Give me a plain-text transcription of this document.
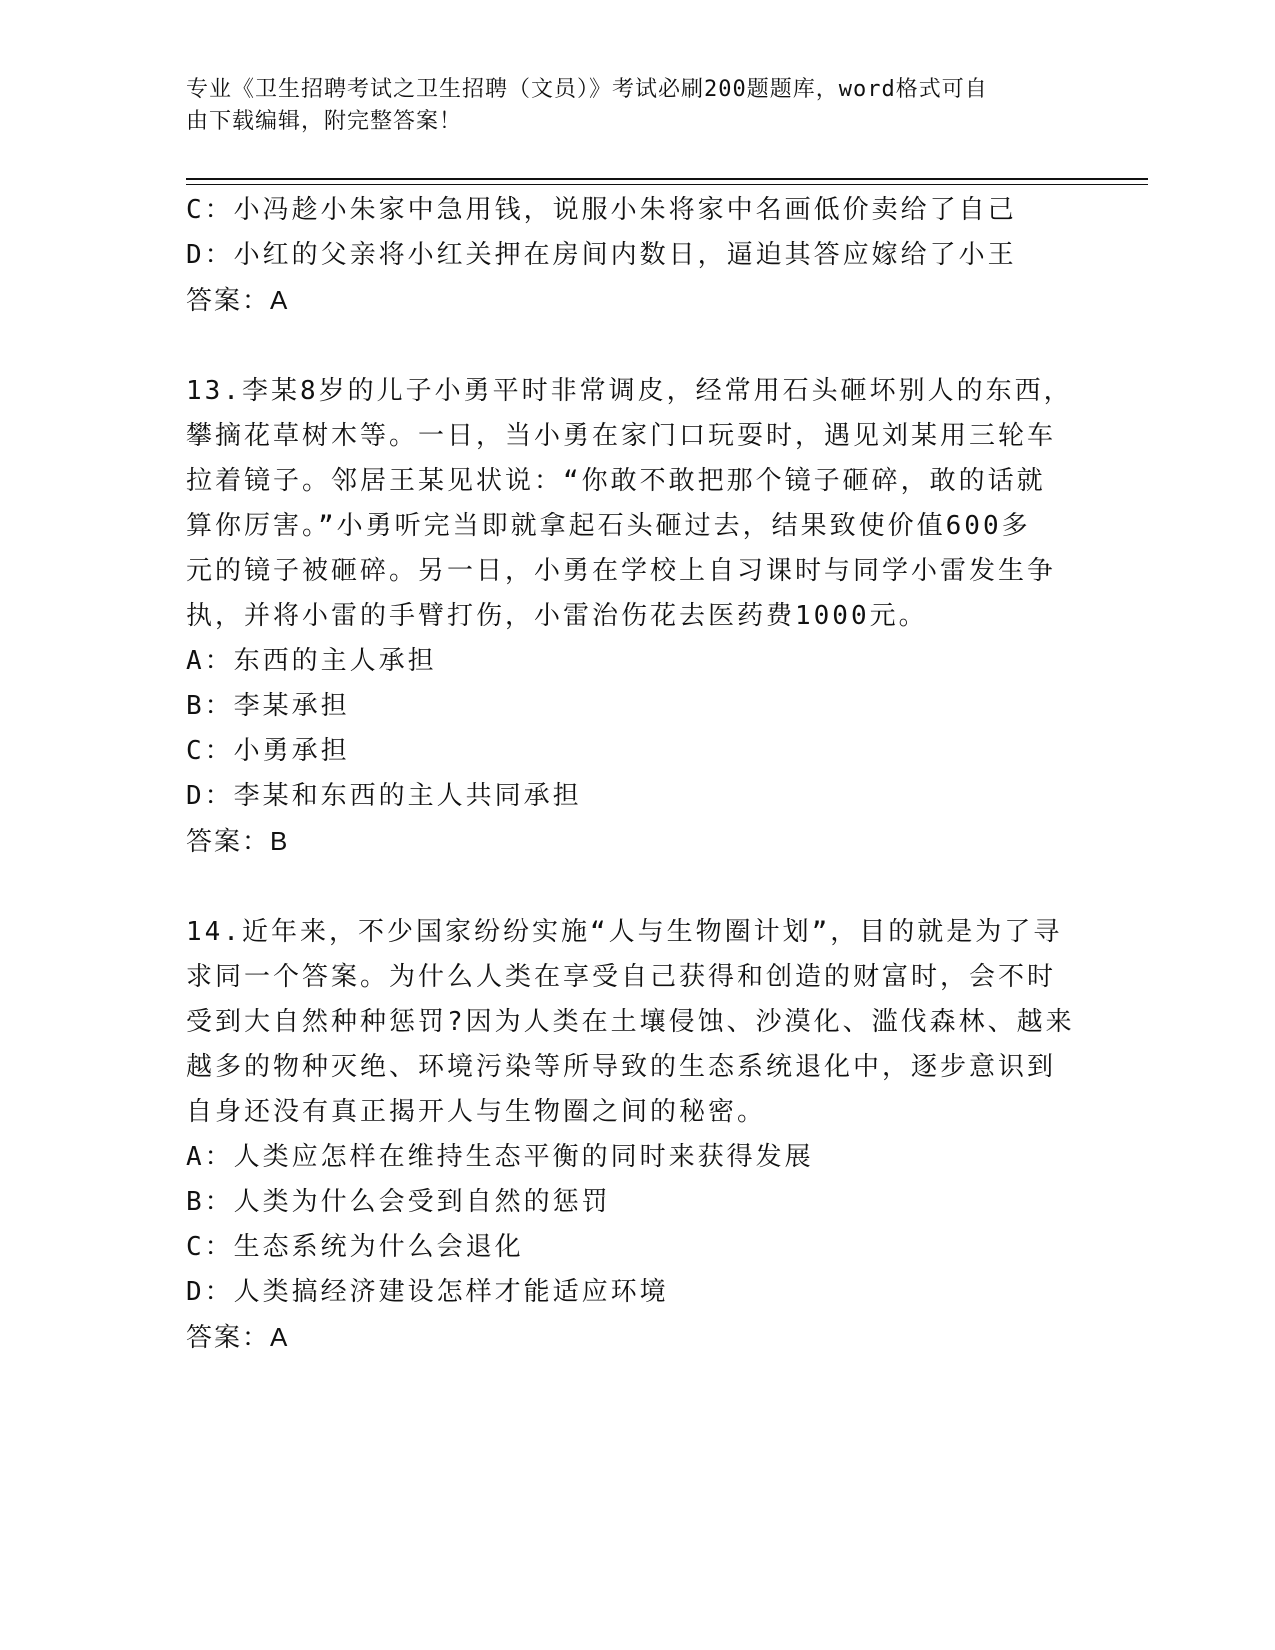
专业《卫生招聘考试之卫生招聘（文员）》考试必刷200题题库，word格式可自
由下载编辑，附完整答案！

C：小冯趁小朱家中急用钱，说服小朱将家中名画低价卖给了自己

D：小红的父亲将小红关押在房间内数日，逼迫其答应嫁给了小王

答案：A

13.李某8岁的儿子小勇平时非常调皮，经常用石头砸坏别人的东西，

攀摘花草树木等。一日，当小勇在家门口玩耍时，遇见刘某用三轮车

拉着镜子。邻居王某见状说：“你敢不敢把那个镜子砸碎，敢的话就

算你厉害。”小勇听完当即就拿起石头砸过去，结果致使价值600多

元的镜子被砸碎。另一日，小勇在学校上自习课时与同学小雷发生争

执，并将小雷的手臂打伤，小雷治伤花去医药费1000元。

A：东西的主人承担

B：李某承担

C：小勇承担

D：李某和东西的主人共同承担

答案：B

14.近年来，不少国家纷纷实施“人与生物圈计划”，目的就是为了寻

求同一个答案。为什么人类在享受自己获得和创造的财富时，会不时

受到大自然种种惩罚?因为人类在土壤侵蚀、沙漠化、滥伐森林、越来

越多的物种灭绝、环境污染等所导致的生态系统退化中，逐步意识到

自身还没有真正揭开人与生物圈之间的秘密。

A：人类应怎样在维持生态平衡的同时来获得发展

B：人类为什么会受到自然的惩罚

C：生态系统为什么会退化

D：人类搞经济建设怎样才能适应环境

答案：A
